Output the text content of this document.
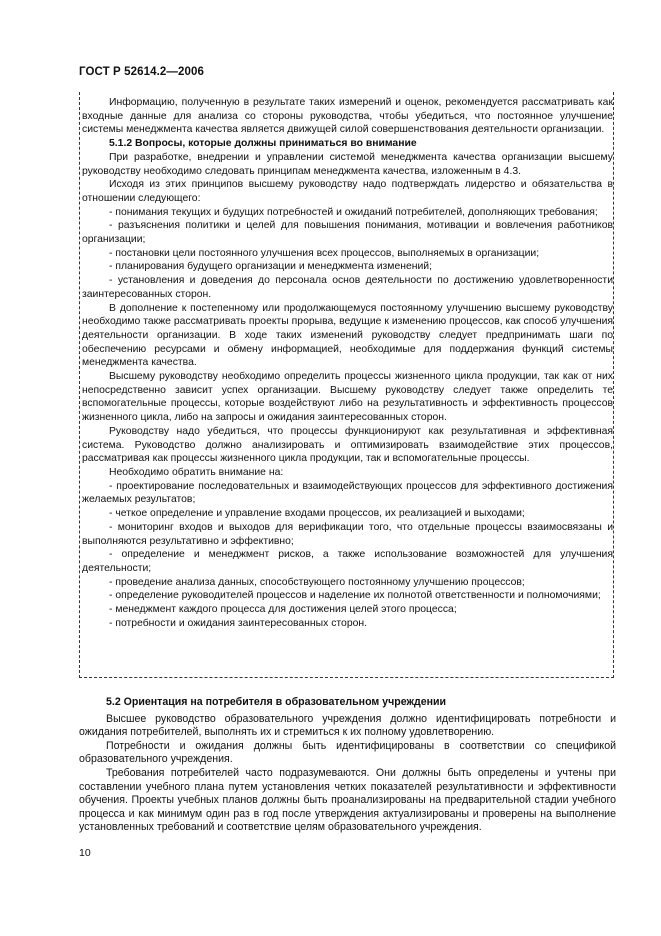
ГОСТ Р 52614.2—2006

Информацию, полученную в результате таких измерений и оценок, рекомендуется рассматривать как входные данные для анализа со стороны руководства, чтобы убедиться, что постоянное улучшение системы менеджмента качества является движущей силой совершенствования деятельности организации.

5.1.2 Вопросы, которые должны приниматься во внимание

При разработке, внедрении и управлении системой менеджмента качества организации высшему руководству необходимо следовать принципам менеджмента качества, изложенным в 4.3.

Исходя из этих принципов высшему руководству надо подтверждать лидерство и обязательства в отношении следующего:

- понимания текущих и будущих потребностей и ожиданий потребителей, дополняющих требования;

- разъяснения политики и целей для повышения понимания, мотивации и вовлечения работников организации;

- постановки цели постоянного улучшения всех процессов, выполняемых в организации;

- планирования будущего организации и менеджмента изменений;

- установления и доведения до персонала основ деятельности по достижению удовлетворенности заинтересованных сторон.

В дополнение к постепенному или продолжающемуся постоянному улучшению высшему руководству необходимо также рассматривать проекты прорыва, ведущие к изменению процессов, как способ улучшения деятельности организации. В ходе таких изменений руководству следует предпринимать шаги по обеспечению ресурсами и обмену информацией, необходимые для поддержания функций системы менеджмента качества.

Высшему руководству необходимо определить процессы жизненного цикла продукции, так как от них непосредственно зависит успех организации. Высшему руководству следует также определить те вспомогательные процессы, которые воздействуют либо на результативность и эффективность процессов жизненного цикла, либо на запросы и ожидания заинтересованных сторон.

Руководству надо убедиться, что процессы функционируют как результативная и эффективная система. Руководство должно анализировать и оптимизировать взаимодействие этих процессов, рассматривая как процессы жизненного цикла продукции, так и вспомогательные процессы.

Необходимо обратить внимание на:

- проектирование последовательных и взаимодействующих процессов для эффективного достижения желаемых результатов;

- четкое определение и управление входами процессов, их реализацией и выходами;

- мониторинг входов и выходов для верификации того, что отдельные процессы взаимосвязаны и выполняются результативно и эффективно;

- определение и менеджмент рисков, а также использование возможностей для улучшения деятельности;

- проведение анализа данных, способствующего постоянному улучшению процессов;

- определение руководителей процессов и наделение их полнотой ответственности и полномочиями;

- менеджмент каждого процесса для достижения целей этого процесса;

- потребности и ожидания заинтересованных сторон.

5.2 Ориентация на потребителя в образовательном учреждении

Высшее руководство образовательного учреждения должно идентифицировать потребности и ожидания потребителей, выполнять их и стремиться к их полному удовлетворению.

Потребности и ожидания должны быть идентифицированы в соответствии со спецификой образовательного учреждения.

Требования потребителей часто подразумеваются. Они должны быть определены и учтены при составлении учебного плана путем установления четких показателей результативности и эффективности обучения. Проекты учебных планов должны быть проанализированы на предварительной стадии учебного процесса и как минимум один раз в год после утверждения актуализированы и проверены на выполнение установленных требований и соответствие целям образовательного учреждения.

10
